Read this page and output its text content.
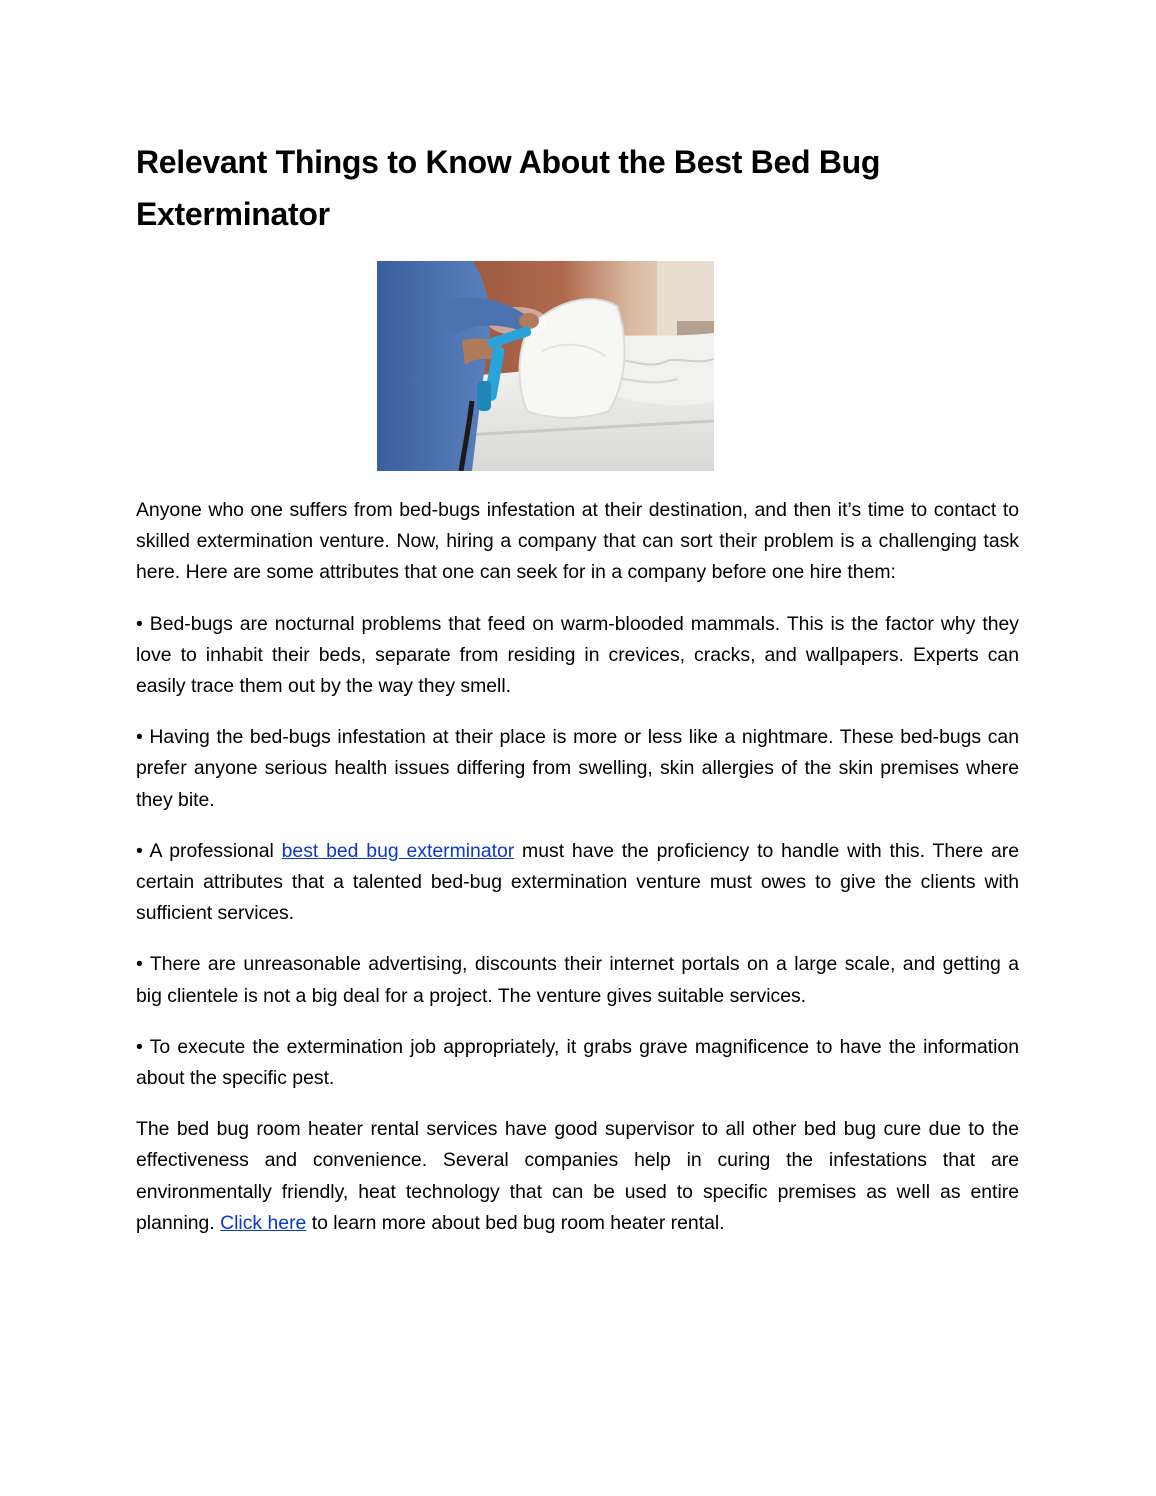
Relevant Things to Know About the Best Bed Bug Exterminator

Anyone who one suffers from bed-bugs infestation at their destination, and then it’s time to contact to skilled extermination venture. Now, hiring a company that can sort their problem is a challenging task here. Here are some attributes that one can seek for in a company before one hire them:

• Bed-bugs are nocturnal problems that feed on warm-blooded mammals. This is the factor why they love to inhabit their beds, separate from residing in crevices, cracks, and wallpapers. Experts can easily trace them out by the way they smell.

• Having the bed-bugs infestation at their place is more or less like a nightmare. These bed-bugs can prefer anyone serious health issues differing from swelling, skin allergies of the skin premises where they bite.

• A professional best bed bug exterminator must have the proficiency to handle with this. There are certain attributes that a talented bed-bug extermination venture must owes to give the clients with sufficient services.

• There are unreasonable advertising, discounts their internet portals on a large scale, and getting a big clientele is not a big deal for a project. The venture gives suitable services.

• To execute the extermination job appropriately, it grabs grave magnificence to have the information about the specific pest.

The bed bug room heater rental services have good supervisor to all other bed bug cure due to the effectiveness and convenience. Several companies help in curing the infestations that are environmentally friendly, heat technology that can be used to specific premises as well as entire planning. Click here to learn more about bed bug room heater rental.
